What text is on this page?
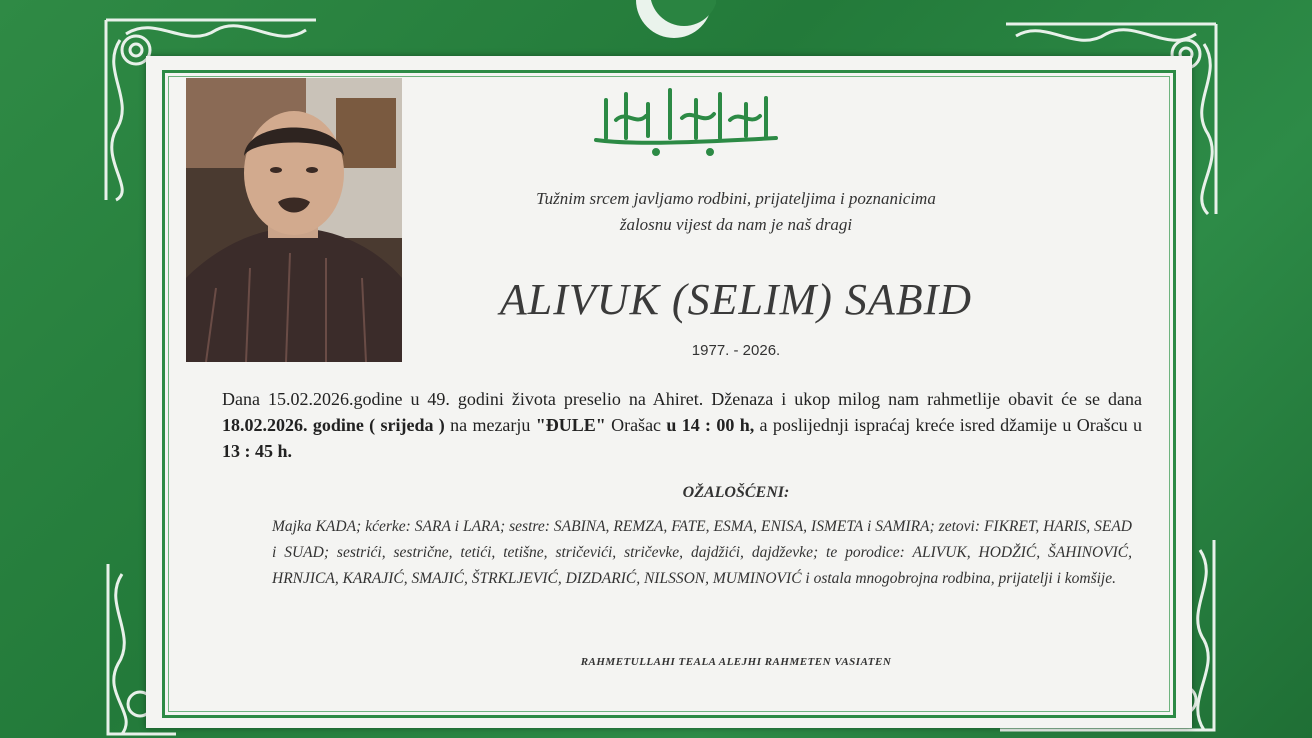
Tužnim srcem javljamo rodbini, prijateljima i poznanicima
žalosnu vijest da nam je naš dragi
ALIVUK (SELIM) SABID
1977. - 2026.
Dana 15.02.2026.godine u 49. godini života preselio na Ahiret. Dženaza i ukop milog nam rahmetlije obavit će se dana 18.02.2026. godine ( srijeda ) na mezarju "ĐULE" Orašac u 14 : 00 h, a poslijednji ispraćaj kreće isred džamije u Orašcu u 13 : 45 h.
OŽALOŠĆENI:
Majka KADA; kćerke: SARA i LARA; sestre: SABINA, REMZA, FATE, ESMA, ENISA, ISMETA i SAMIRA; zetovi: FIKRET, HARIS, SEAD i SUAD; sestrići, sestrične, tetići, tetišne, stričevići, stričevke, dajdžići, dajdževke; te porodice: ALIVUK, HODŽIĆ, ŠAHINOVIĆ, HRNJICA, KARAJIĆ, SMAJIĆ, ŠTRKLJEVIĆ, DIZDARIĆ, NILSSON, MUMINOVIĆ i ostala mnogobrojna rodbina, prijatelji i komšije.
RAHMETULLAHI TEALA ALEJHI RAHMETEN VASIATEN
